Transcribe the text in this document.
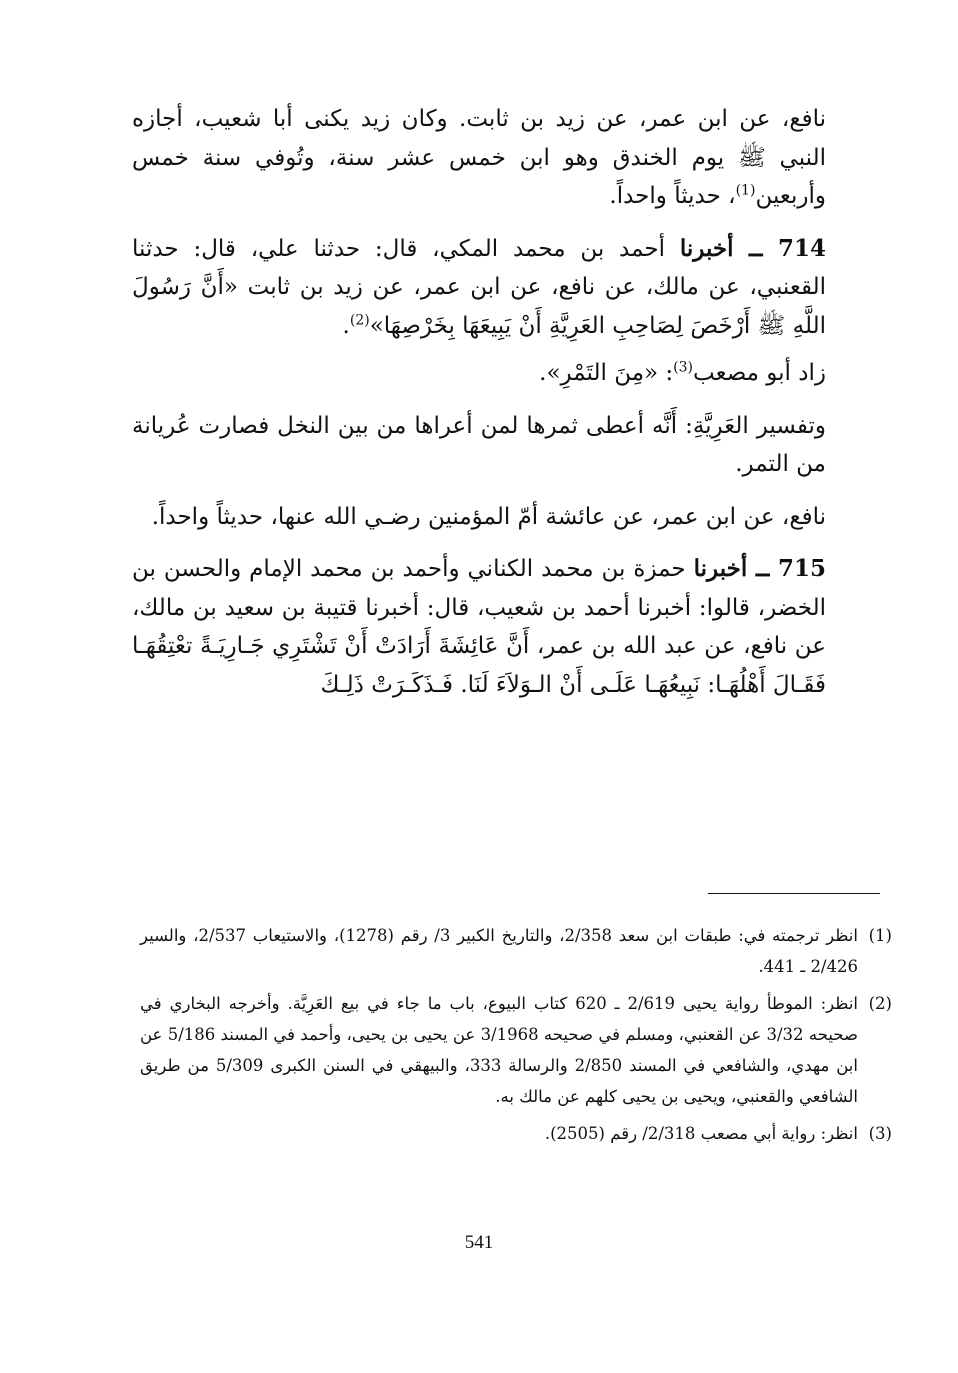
نافع، عن ابن عمر، عن زيد بن ثابت. وكان زيد يكنى أبا شعيب، أجازه النبي ﷺ يوم الخندق وهو ابن خمس عشر سنة، وتُوفي سنة خمس وأربعين$^{(1)}$، حديثاً واحداً.

714 ــ أخبرنا أحمد بن محمد المكي، قال: حدثنا علي، قال: حدثنا القعنبي، عن مالك، عن نافع، عن ابن عمر، عن زيد بن ثابت «أَنَّ رَسُولَ اللَّهِ ﷺ أَرْخَصَ لِصَاحِبِ العَرِيَّةِ أَنْ يَبِيعَهَا بِخَرْصِهَا»$^{(2)}$.

زاد أبو مصعب$^{(3)}$: «مِنَ التَمْرِ».

وتفسير العَرِيَّةِ: أَنَّه أعطى ثمرها لمن أعراها من بين النخل فصارت عُريانة من التمر.

نافع، عن ابن عمر، عن عائشة أمّ المؤمنين رضـي الله عنها، حديثاً واحداً.

715 ــ أخبرنا حمزة بن محمد الكناني وأحمد بن محمد الإمام والحسن بن الخضر، قالوا: أخبرنا أحمد بن شعيب، قال: أخبرنا قتيبة بن سعيد بن مالك، عن نافع، عن عبد الله بن عمر، أَنَّ عَائِشَةَ أَرَادَتْ أَنْ تَشْتَرِي جَـارِيَـةً تعْتِقُهَـا فَقَـالَ أَهْلُهَـا: نَبِيعُهَـا عَلَـى أَنْ الـوَلاَءَ لَنَا. فَـذَكَـرَتْ ذَلِـكَ

(1)
انظر ترجمته في: طبقات ابن سعد 2/358، والتاريخ الكبير 3/ رقم (1278)، والاستيعاب 2/537، والسير 2/426 ـ 441.

(2)
انظر: الموطأ رواية يحيى 2/619 ـ 620 كتاب البيوع، باب ما جاء في بيع العَرِيَّة. وأخرجه البخاري في صحيحه 3/32 عن القعنبي، ومسلم في صحيحه 3/1968 عن يحيى بن يحيى، وأحمد في المسند 5/186 عن ابن مهدي، والشافعي في المسند 2/850 والرسالة 333، والبيهقي في السنن الكبرى 5/309 من طريق الشافعي والقعنبي، ويحيى بن يحيى كلهم عن مالك به.

(3)
انظر: رواية أبي مصعب 2/318/ رقم (2505).

541
